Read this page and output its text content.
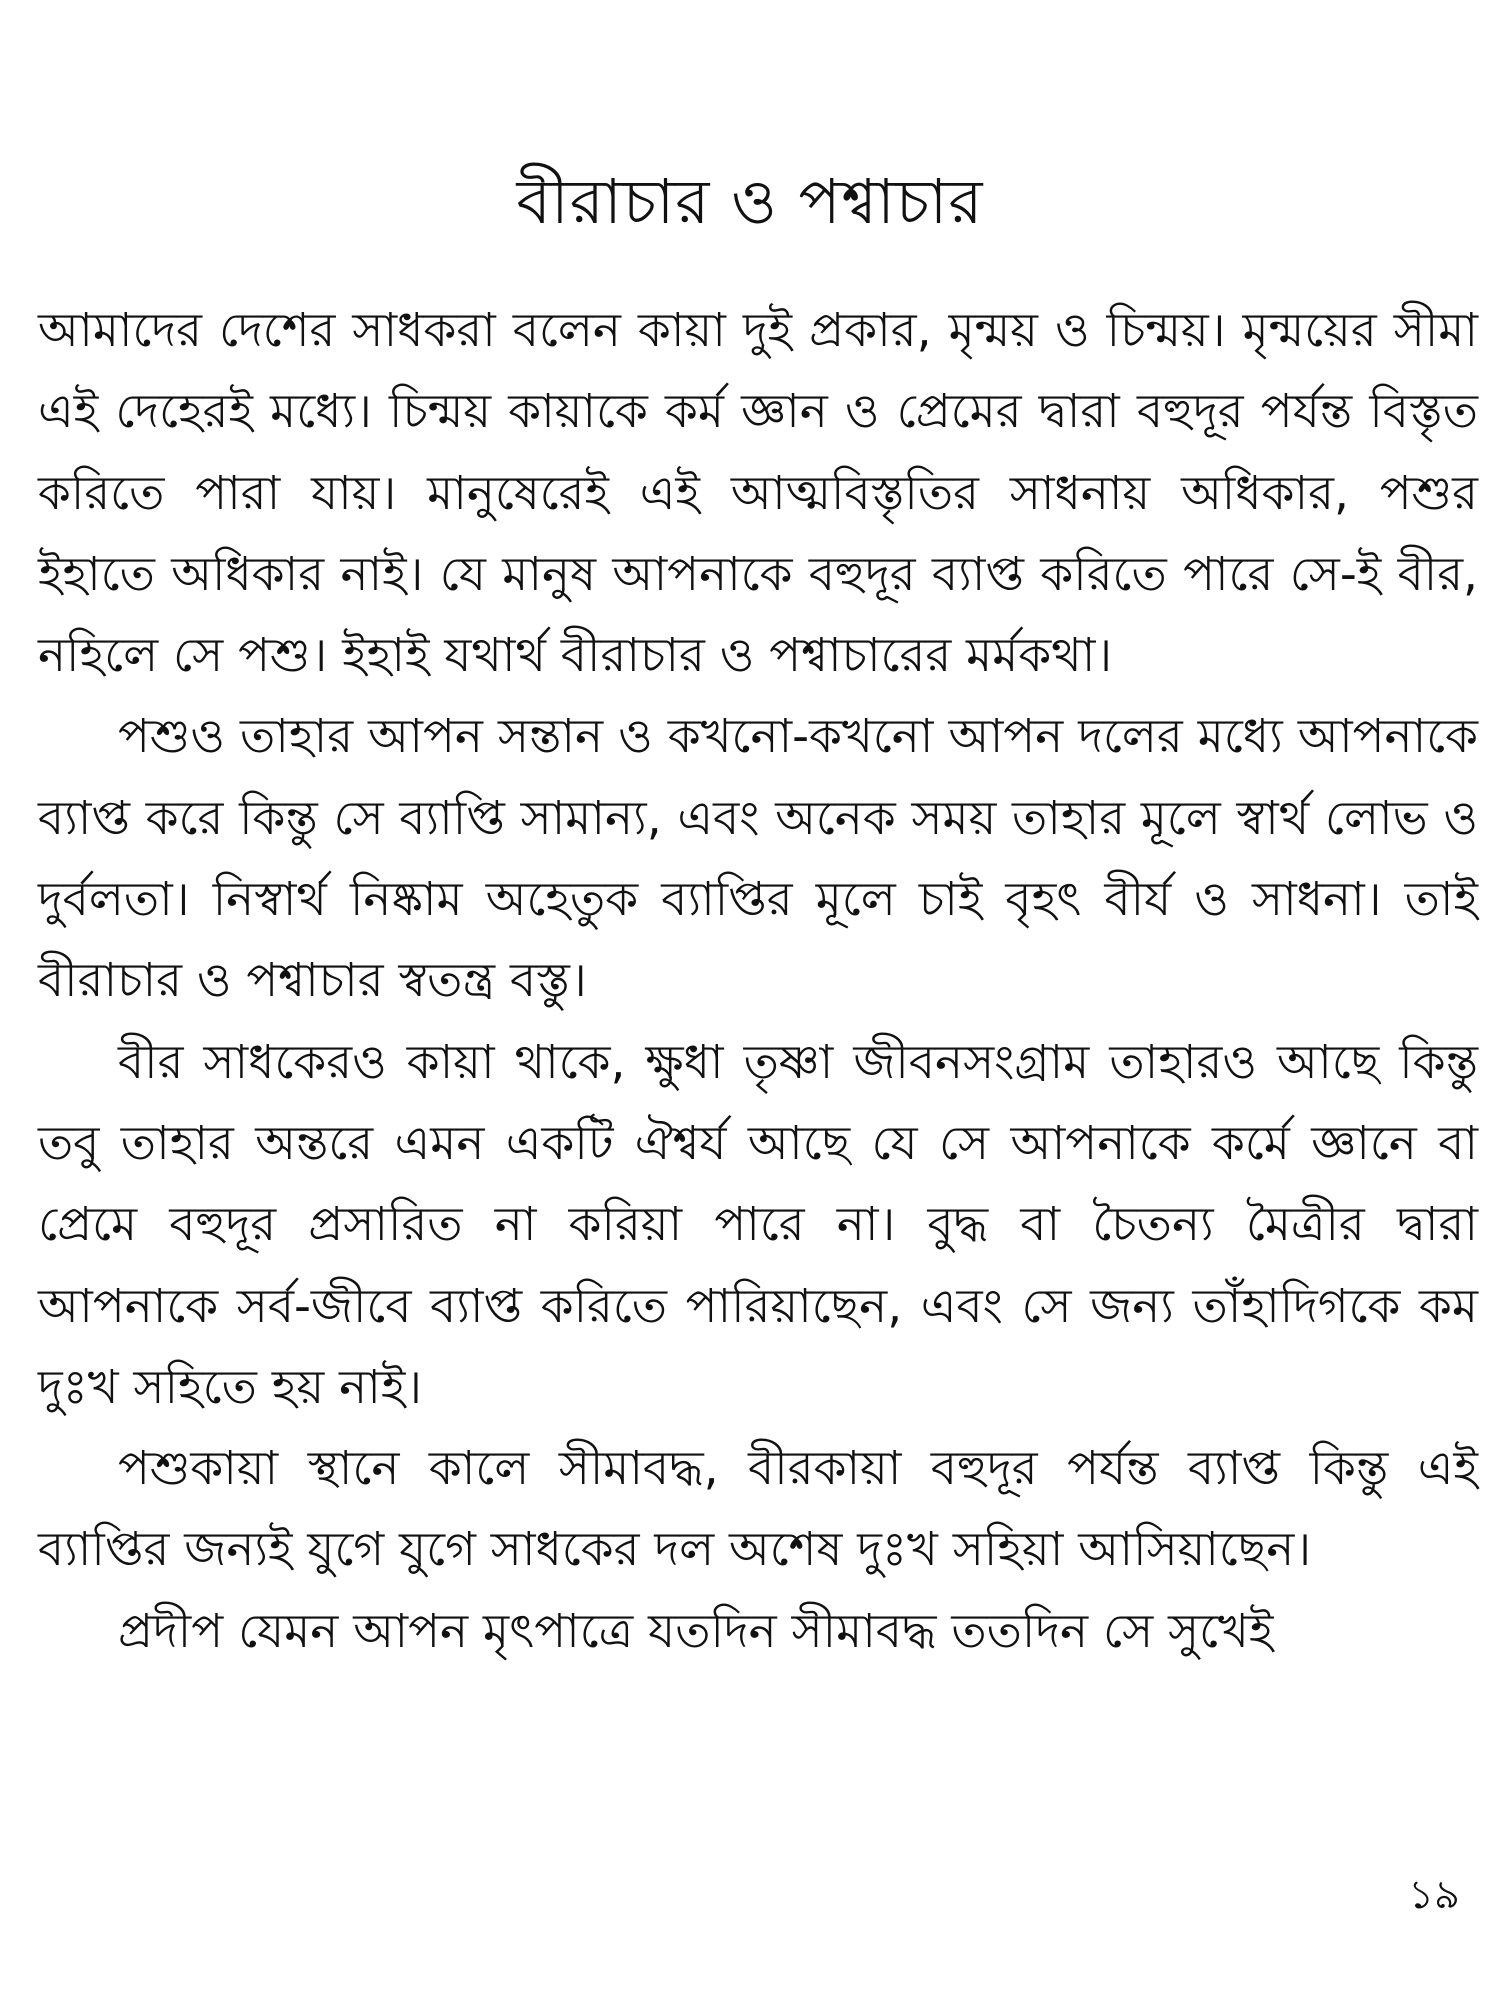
বীরাচার ও পশ্বাচার

আমাদের দেশের সাধকরা বলেন কায়া দুই প্রকার, মৃন্ময় ও চিন্ময়। মৃন্ময়ের সীমা এই দেহেরই মধ্যে। চিন্ময় কায়াকে কর্ম জ্ঞান ও প্রেমের দ্বারা বহুদূর পর্যন্ত বিস্তৃত করিতে পারা যায়। মানুষেরেই এই আত্মবিস্তৃতির সাধনায় অধিকার, পশুর ইহাতে অধিকার নাই। যে মানুষ আপনাকে বহুদূর ব্যাপ্ত করিতে পারে সে-ই বীর, নহিলে সে পশু। ইহাই যথার্থ বীরাচার ও পশ্বাচারের মর্মকথা।

পশুও তাহার আপন সন্তান ও কখনো-কখনো আপন দলের মধ্যে আপনাকে ব্যাপ্ত করে কিন্তু সে ব্যাপ্তি সামান্য, এবং অনেক সময় তাহার মূলে স্বার্থ লোভ ও দুর্বলতা। নিস্বার্থ নিষ্কাম অহেতুক ব্যাপ্তির মূলে চাই বৃহৎ বীর্য ও সাধনা। তাই বীরাচার ও পশ্বাচার স্বতন্ত্র বস্তু।

বীর সাধকেরও কায়া থাকে, ক্ষুধা তৃষ্ণা জীবনসংগ্রাম তাহারও আছে কিন্তু তবু তাহার অন্তরে এমন একটি ঐশ্বর্য আছে যে সে আপনাকে কর্মে জ্ঞানে বা প্রেমে বহুদূর প্রসারিত না করিয়া পারে না। বুদ্ধ বা চৈতন্য মৈত্রীর দ্বারা আপনাকে সর্ব-জীবে ব্যাপ্ত করিতে পারিয়াছেন, এবং সে জন্য তাঁহাদিগকে কম দুঃখ সহিতে হয় নাই।

পশুকায়া স্থানে কালে সীমাবদ্ধ, বীরকায়া বহুদূর পর্যন্ত ব্যাপ্ত কিন্তু এই ব্যাপ্তির জন্যই যুগে যুগে সাধকের দল অশেষ দুঃখ সহিয়া আসিয়াছেন।

প্রদীপ যেমন আপন মৃৎপাত্রে যতদিন সীমাবদ্ধ ততদিন সে সুখেই

১৯
